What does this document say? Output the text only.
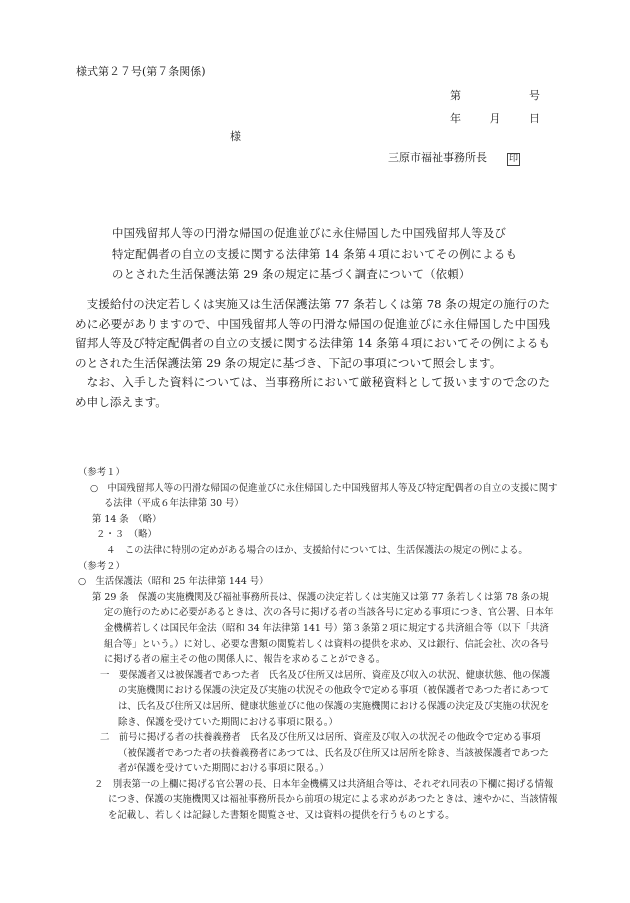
様式第２７号(第７条関係)
第	号
年	月	日
様
三原市福祉事務所長 印
中国残留邦人等の円滑な帰国の促進並びに永住帰国した中国残留邦人等及び
特定配偶者の自立の支援に関する法律第 14 条第４項においてその例によるも
のとされた生活保護法第 29 条の規定に基づく調査について（依頼）

支援給付の決定若しくは実施又は生活保護法第 77 条若しくは第 78 条の規定の施行のために必要がありますので、中国残留邦人等の円滑な帰国の促進並びに永住帰国した中国残留邦人等及び特定配偶者の自立の支援に関する法律第 14 条第４項においてその例によるものとされた生活保護法第 29 条の規定に基づき、下記の事項について照会します。

なお、入手した資料については、当事務所において厳秘資料として扱いますので念のため申し添えます。

（参考１）
○　中国残留邦人等の円滑な帰国の促進並びに永住帰国した中国残留邦人等及び特定配偶者の自立の支援に関する法律（平成６年法律第 30 号）
第 14 条　（略）
２・３　（略）
４　この法律に特別の定めがある場合のほか、支援給付については、生活保護法の規定の例による。
（参考２）
○　生活保護法（昭和 25 年法律第 144 号）
第 29 条　保護の実施機関及び福祉事務所長は、保護の決定若しくは実施又は第 77 条若しくは第 78 条の規定の施行のために必要があるときは、次の各号に掲げる者の当該各号に定める事項につき、官公署、日本年金機構若しくは国民年金法（昭和 34 年法律第 141 号）第３条第２項に規定する共済組合等（以下「共済組合等」という。）に対し、必要な書類の閲覧若しくは資料の提供を求め、又は銀行、信託会社、次の各号に掲げる者の雇主その他の関係人に、報告を求めることができる。
一　要保護者又は被保護者であつた者　氏名及び住所又は居所、資産及び収入の状況、健康状態、他の保護の実施機関における保護の決定及び実施の状況その他政令で定める事項（被保護者であつた者にあつては、氏名及び住所又は居所、健康状態並びに他の保護の実施機関における保護の決定及び実施の状況を除き、保護を受けていた期間における事項に限る。）
二　前号に掲げる者の扶養義務者　氏名及び住所又は居所、資産及び収入の状況その他政令で定める事項（被保護者であつた者の扶養義務者にあつては、氏名及び住所又は居所を除き、当該被保護者であつた者が保護を受けていた期間における事項に限る。）
２　別表第一の上欄に掲げる官公署の長、日本年金機構又は共済組合等は、それぞれ同表の下欄に掲げる情報につき、保護の実施機関又は福祉事務所長から前項の規定による求めがあつたときは、速やかに、当該情報を記載し、若しくは記録した書類を閲覧させ、又は資料の提供を行うものとする。
